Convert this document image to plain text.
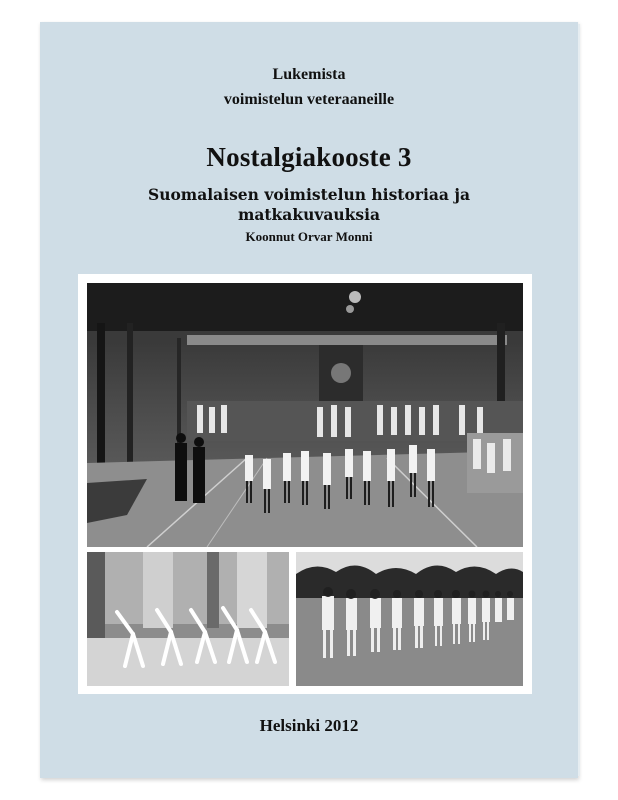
Lukemista

voimistelun veteraaneille

Nostalgiakooste 3

Suomalaisen voimistelun historiaa ja

matkakuvauksia

Koonnut Orvar Monni

Helsinki 2012
